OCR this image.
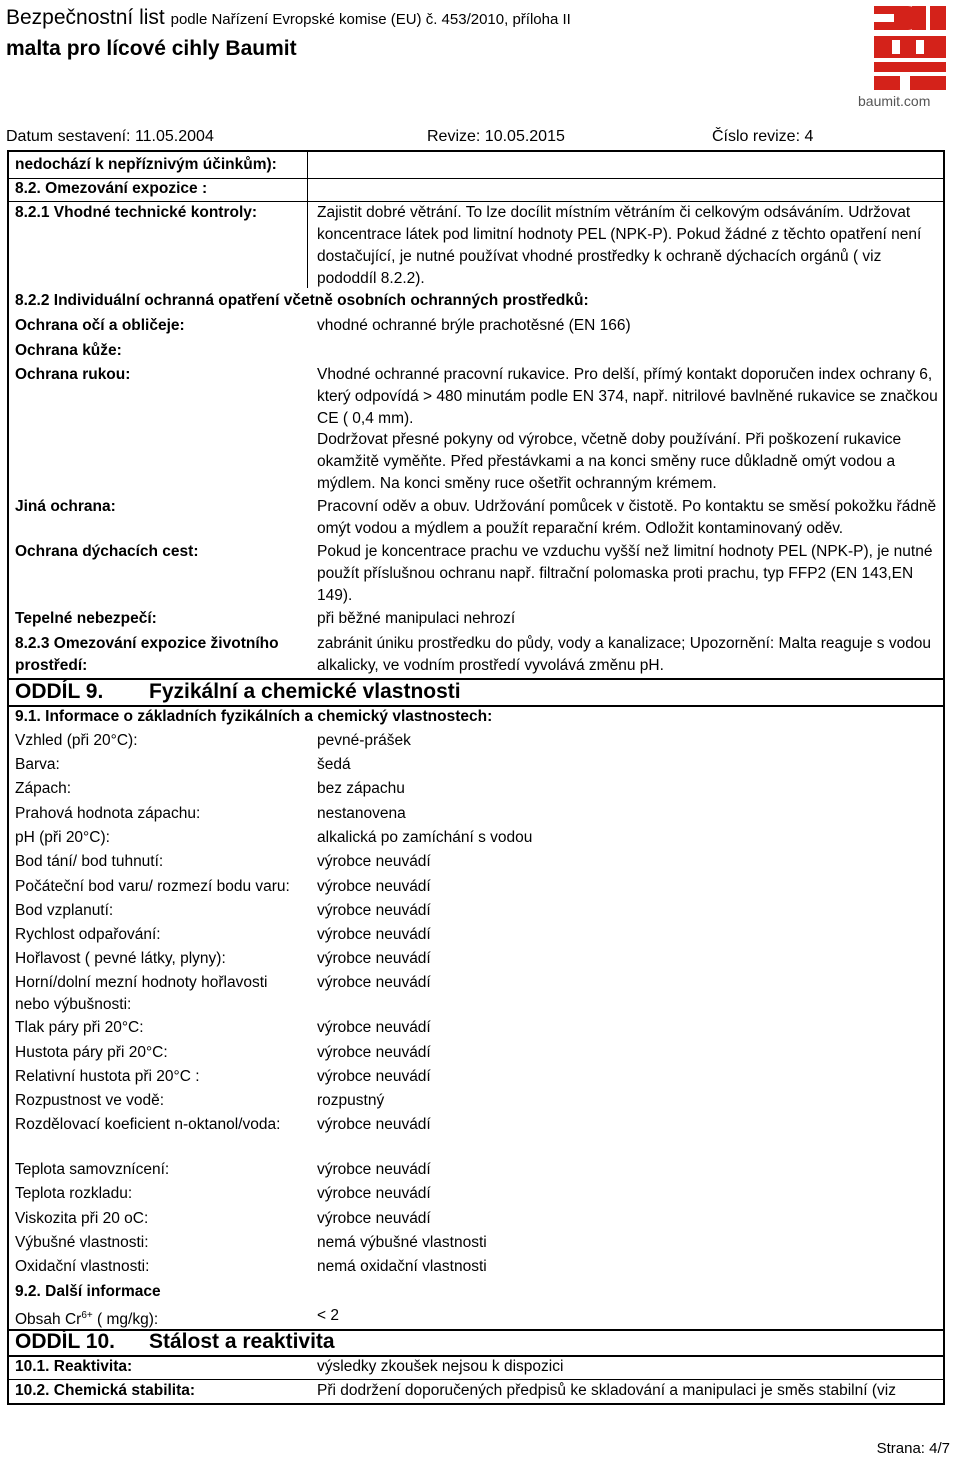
Bezpečnostní list podle Nařízení Evropské komise (EU) č. 453/2010, příloha II
malta pro lícové cihly Baumit
baumit.com
Datum sestavení: 11.05.2004	Revize: 10.05.2015	Číslo revize: 4
nedochází k nepříznivým účinkům):
8.2. Omezování expozice :
8.2.1 Vhodné technické kontroly:	Zajistit dobré větrání. To lze docílit místním větráním či celkovým odsáváním. Udržovat koncentrace látek pod limitní hodnoty PEL (NPK-P). Pokud žádné z těchto opatření není dostačující, je nutné používat vhodné prostředky k ochraně dýchacích orgánů ( viz pododdíl 8.2.2).
8.2.2 Individuální ochranná opatření včetně osobních ochranných prostředků:
Ochrana očí a obličeje:	vhodné ochranné brýle prachotěsné (EN 166)
Ochrana kůže:
Ochrana rukou:	Vhodné ochranné pracovní rukavice. Pro delší, přímý kontakt doporučen index ochrany 6, který odpovídá > 480 minutám podle EN 374, např. nitrilové bavlněné rukavice se značkou CE ( 0,4 mm).
Dodržovat přesné pokyny od výrobce, včetně doby používání. Při poškození rukavice okamžitě vyměňte. Před přestávkami a na konci směny ruce důkladně omýt vodou a mýdlem. Na konci směny ruce ošetřit ochranným krémem.
Jiná ochrana:	Pracovní oděv a obuv. Udržování pomůcek v čistotě. Po kontaktu se směsí pokožku řádně omýt vodou a mýdlem a použít reparační krém. Odložit kontaminovaný oděv.
Ochrana dýchacích cest:	Pokud je koncentrace prachu ve vzduchu vyšší než limitní hodnoty PEL (NPK-P), je nutné použít příslušnou ochranu např. filtrační polomaska proti prachu, typ FFP2 (EN 143,EN 149).
Tepelné nebezpečí:	při běžné manipulaci nehrozí
8.2.3 Omezování expozice životního prostředí:
zabránit úniku prostředku do půdy, vody a kanalizace; Upozornění: Malta reaguje s vodou alkalicky, ve vodním prostředí vyvolává změnu pH.
ODDÍL 9. Fyzikální a chemické vlastnosti
9.1. Informace o základních fyzikálních a chemický vlastnostech:
Vzhled (při 20°C):	pevné-prášek
Barva:	šedá
Zápach:	bez zápachu
Prahová hodnota zápachu:	nestanovena
pH (při 20°C):	alkalická po zamíchání s vodou
Bod tání/ bod tuhnutí:	výrobce neuvádí
Počáteční bod varu/ rozmezí bodu varu: výrobce neuvádí
Bod vzplanutí:	výrobce neuvádí
Rychlost odpařování:	výrobce neuvádí
Hořlavost ( pevné látky, plyny):	výrobce neuvádí
Horní/dolní mezní hodnoty hořlavosti nebo výbušnosti:
výrobce neuvádí
Tlak páry při 20°C:	výrobce neuvádí
Hustota páry při 20°C:	výrobce neuvádí
Relativní hustota při 20°C :	výrobce neuvádí
Rozpustnost ve vodě:	rozpustný
Rozdělovací koeficient n-oktanol/voda: výrobce neuvádí
Teplota samovznícení:	výrobce neuvádí
Teplota rozkladu:	výrobce neuvádí
Viskozita při 20 oC:	výrobce neuvádí
Výbušné vlastnosti:	nemá výbušné vlastnosti
Oxidační vlastnosti:	nemá oxidační vlastnosti
9.2. Další informace
Obsah $Cr^{6+}$ ( mg/kg):	< 2
ODDÍL 10. Stálost a reaktivita
10.1. Reaktivita:	výsledky zkoušek nejsou k dispozici
10.2. Chemická stabilita:	Při dodržení doporučených předpisů ke skladování a manipulaci je směs stabilní (viz
Strana: 4/7
